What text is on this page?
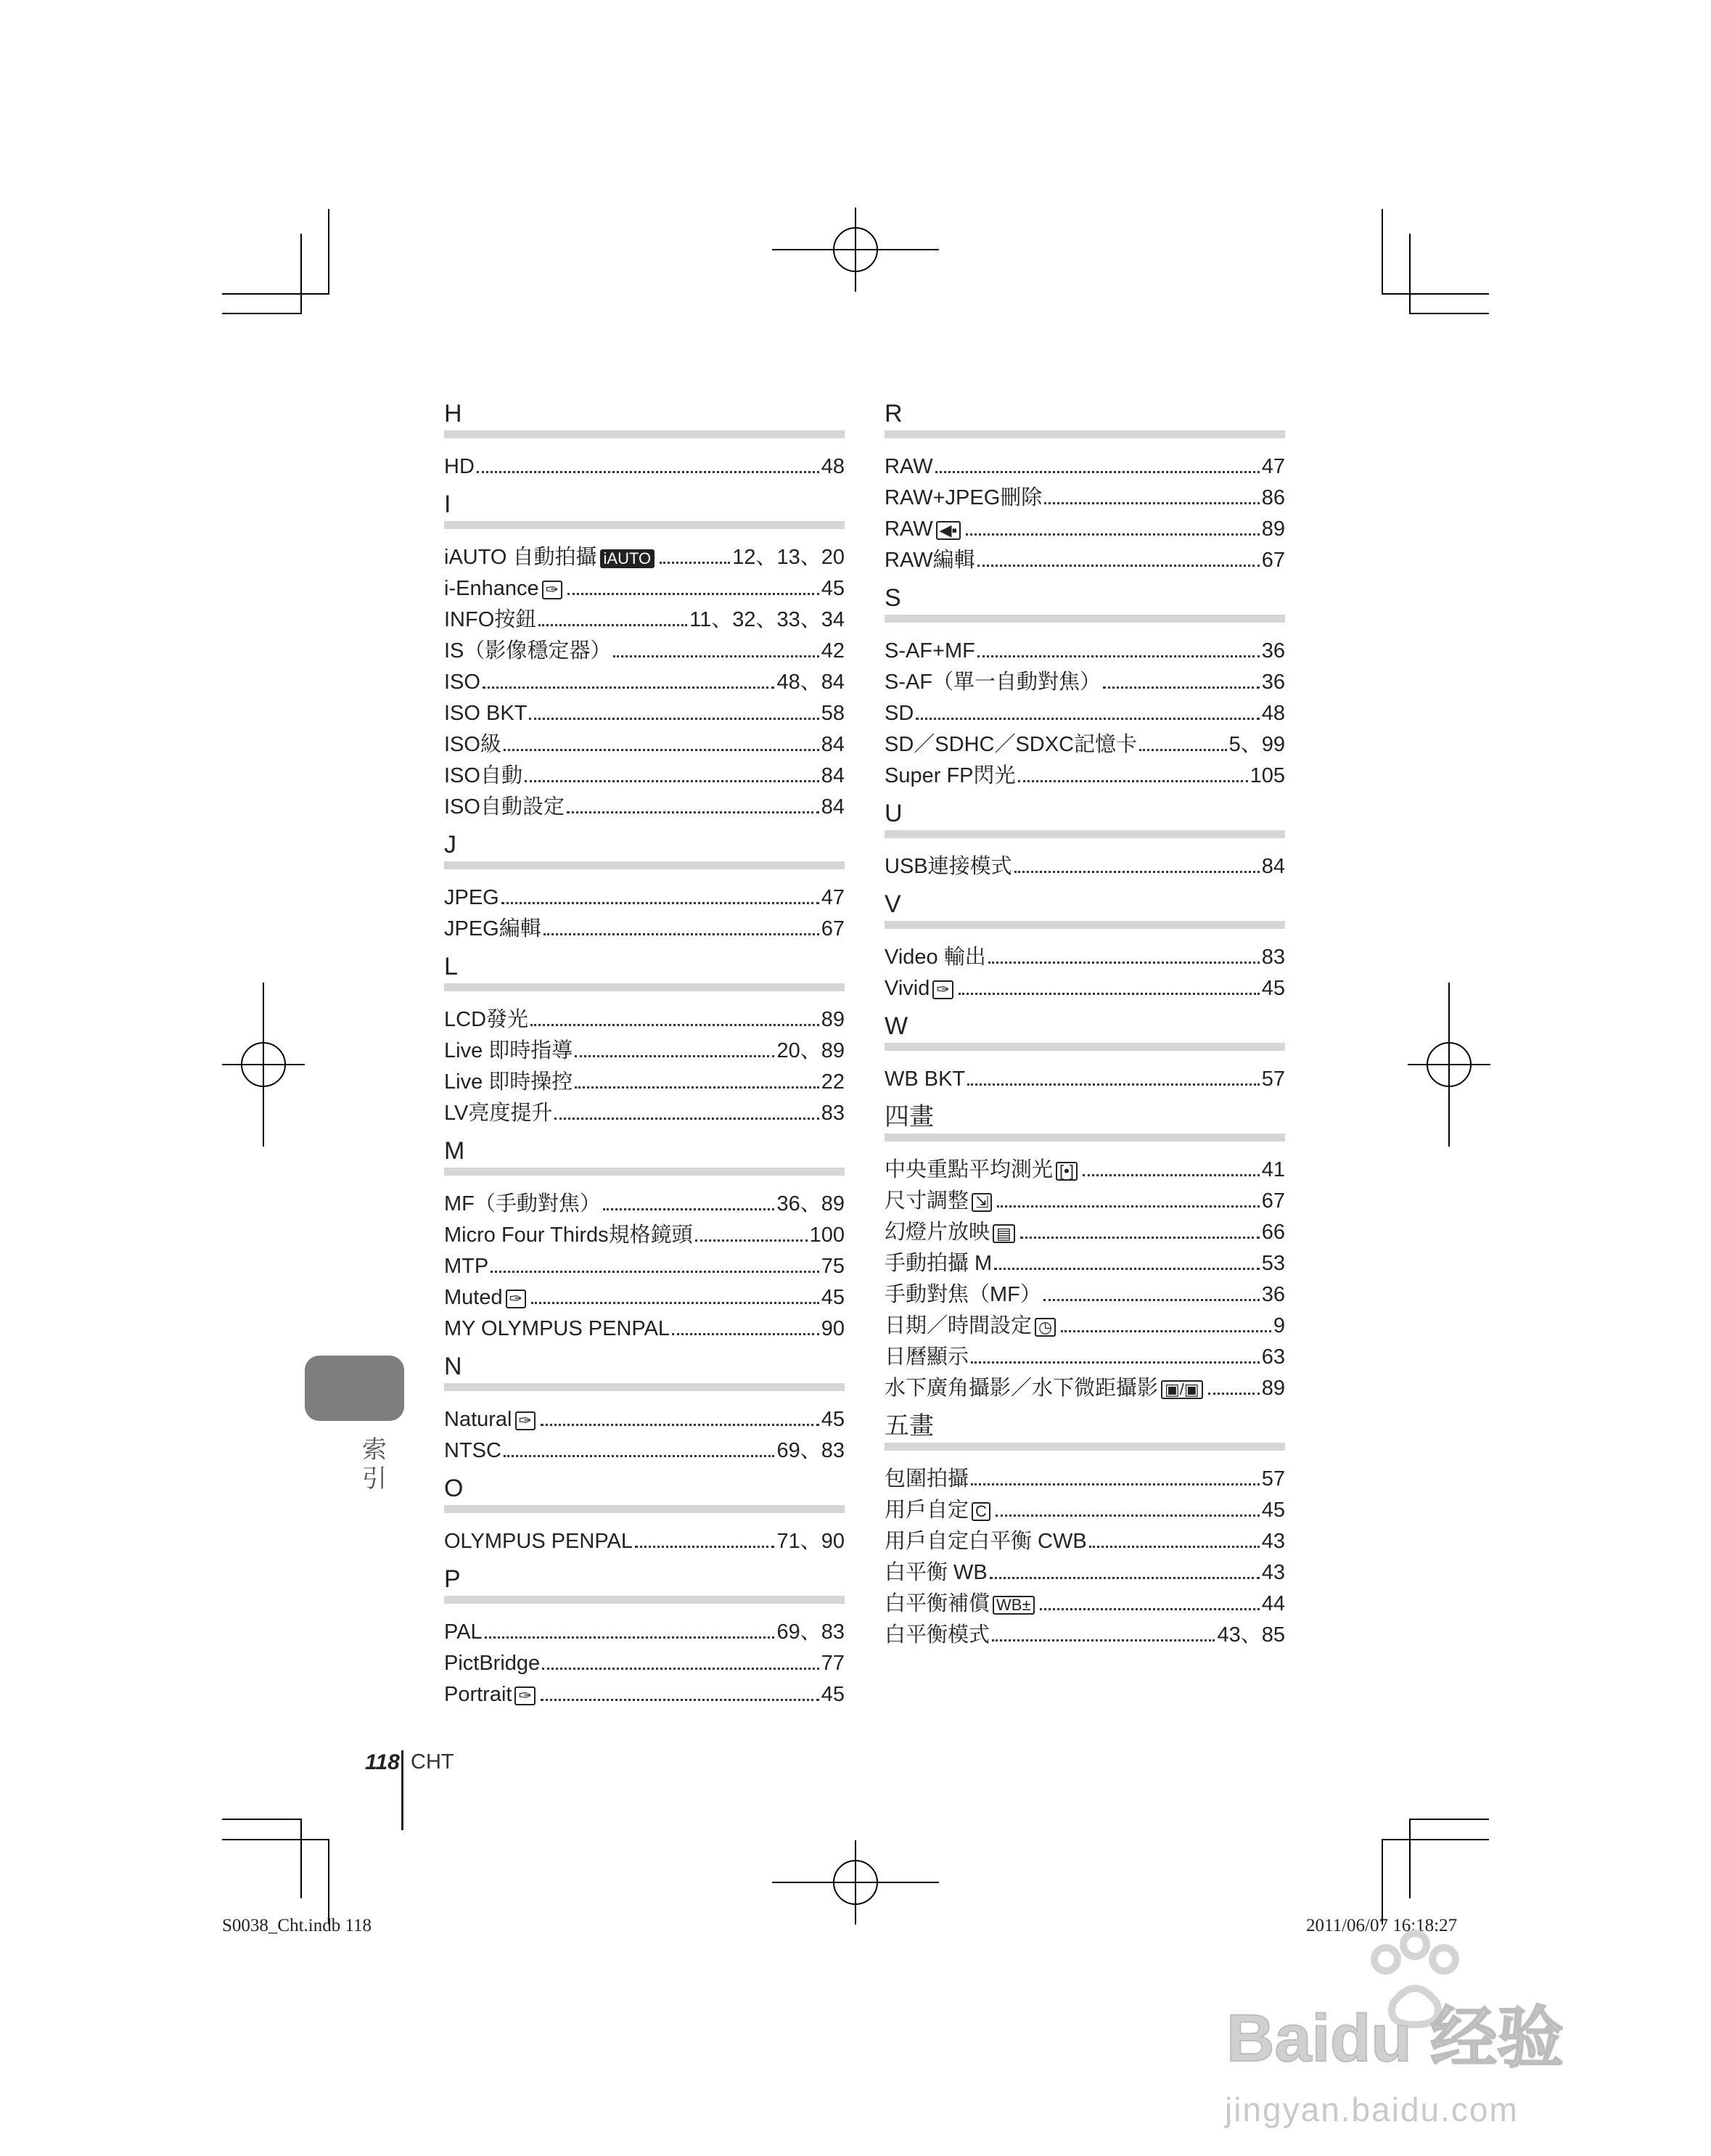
H
HD	48
I
iAUTO 自動拍攝 iAUTO	12、13、20
i-Enhance ✑	45
INFO按鈕	11、32、33、34
IS（影像穩定器）	42
ISO	48、84
ISO BKT	58
ISO級	84
ISO自動	84
ISO自動設定	84
J
JPEG	47
JPEG編輯	67
L
LCD發光	89
Live 即時指導	20、89
Live 即時操控	22
LV亮度提升	83
M
MF（手動對焦）	36、89
Micro Four Thirds規格鏡頭	100
MTP	75
Muted ✑	45
MY OLYMPUS PENPAL	90
N
Natural ✑	45
NTSC	69、83
O
OLYMPUS PENPAL	71、90
P
PAL	69、83
PictBridge	77
Portrait ✑	45
R
RAW	47
RAW+JPEG刪除	86
RAW ◀▪	89
RAW編輯	67
S
S-AF+MF	36
S-AF（單一自動對焦）	36
SD	48
SD／SDHC／SDXC記憶卡	5、99
Super FP閃光	105
U
USB連接模式	84
V
Video 輸出	83
Vivid ✑	45
W
WB BKT	57
四畫
中央重點平均測光 [•]	41
尺寸調整 ⇲	67
幻燈片放映 ▤	66
手動拍攝 M	53
手動對焦（MF）	36
日期／時間設定 ◷	9
日曆顯示	63
水下廣角攝影／水下微距攝影 ▣/▣	89
五畫
包圍拍攝	57
用戶自定 C	45
用戶自定白平衡 CWB	43
白平衡 WB	43
白平衡補償 WB±	44
白平衡模式	43、85
索引
118 CHT
S0038_Cht.indb 118	2011/06/07 16:18:27
Baidu 经验
jingyan.baidu.com
